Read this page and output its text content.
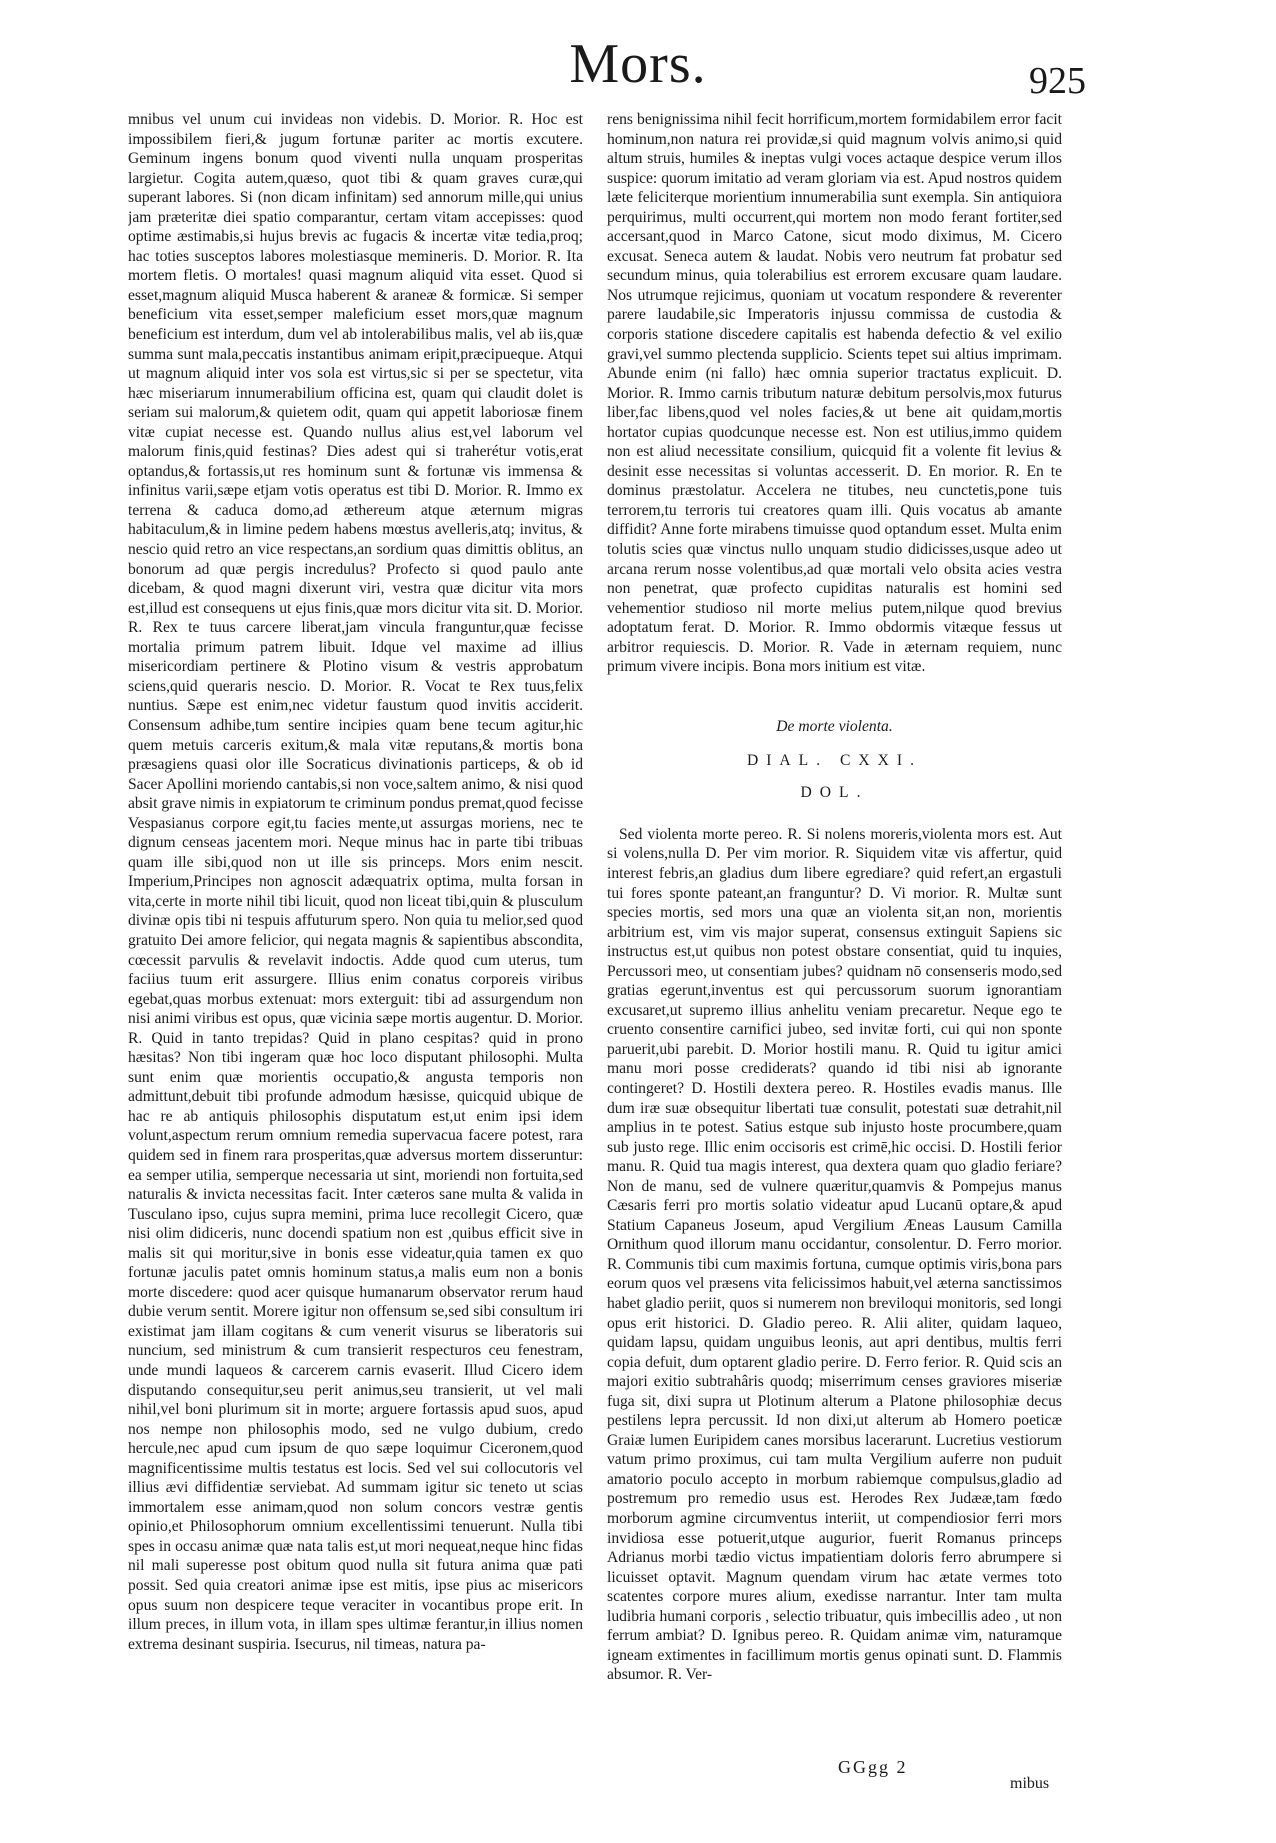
Mors.	925

mnibus vel unum cui invideas non videbis. D. Morior. R. Hoc est impossibilem fieri,& jugum fortunæ pariter ac mortis excutere. Geminum ingens bonum quod viventi nulla unquam prosperitas largietur. Cogita autem,quæso, quot tibi & quam graves curæ,qui superant labores. Si (non dicam infinitam) sed annorum mille,qui unius jam præteritæ diei spatio comparantur, certam vitam accepisses: quod optime æstimabis,si hujus brevis ac fugacis & incertæ vitæ tedia,proq; hac toties susceptos labores molestiasque memineris. D. Morior. R. Ita mortem fletis. O mortales! quasi magnum aliquid vita esset. Quod si esset,magnum aliquid Musca haberent & araneæ & formicæ. Si semper beneficium vita esset,semper maleficium esset mors,quæ magnum beneficium est interdum, dum vel ab intolerabilibus malis, vel ab iis,quæ summa sunt mala,peccatis instantibus animam eripit,præcipueque. Atqui ut magnum aliquid inter vos sola est virtus,sic si per se spectetur, vita hæc miseriarum innumerabilium officina est, quam qui claudit dolet is seriam sui malorum,& quietem odit, quam qui appetit laboriosæ finem vitæ cupiat necesse est. Quando nullus alius est,vel laborum vel malorum finis,quid festinas? Dies adest qui si traherétur votis,erat optandus,& fortassis,ut res hominum sunt & fortunæ vis immensa & infinitus varii,sæpe etjam votis operatus est tibi D. Morior. R. Immo ex terrena & caduca domo,ad æthereum atque æternum migras habitaculum,& in limine pedem habens mœstus avelleris,atq; invitus, & nescio quid retro an vice respectans,an sordium quas dimittis oblitus, an bonorum ad quæ pergis incredulus? Profecto si quod paulo ante dicebam, & quod magni dixerunt viri, vestra quæ dicitur vita mors est,illud est consequens ut ejus finis,quæ mors dicitur vita sit. D. Morior. R. Rex te tuus carcere liberat,jam vincula franguntur,quæ fecisse mortalia primum patrem libuit. Idque vel maxime ad illius misericordiam pertinere & Plotino visum & vestris approbatum sciens,quid queraris nescio. D. Morior. R. Vocat te Rex tuus,felix nuntius. Sæpe est enim,nec videtur faustum quod invitis acciderit. Consensum adhibe,tum sentire incipies quam bene tecum agitur,hic quem metuis carceris exitum,& mala vitæ reputans,& mortis bona præsagiens quasi olor ille Socraticus divinationis particeps, & ob id Sacer Apollini moriendo cantabis,si non voce,saltem animo, & nisi quod absit grave nimis in expiatorum te criminum pondus premat,quod fecisse Vespasianus corpore egit,tu facies mente,ut assurgas moriens, nec te dignum censeas jacentem mori. Neque minus hac in parte tibi tribuas quam ille sibi,quod non ut ille sis princeps. Mors enim nescit. Imperium,Principes non agnoscit adæquatrix optima, multa forsan in vita,certe in morte nihil tibi licuit, quod non liceat tibi,quin & plusculum divinæ opis tibi ni tespuis affuturum spero. Non quia tu melior,sed quod gratuito Dei amore felicior, qui negata magnis & sapientibus abscondita, cœcessit parvulis & revelavit indoctis. Adde quod cum uterus, tum faciius tuum erit assurgere. Illius enim conatus corporeis viribus egebat,quas morbus extenuat: mors exterguit: tibi ad assurgendum non nisi animi viribus est opus, quæ vicinia sæpe mortis augentur. D. Morior. R. Quid in tanto trepidas? Quid in plano cespitas? quid in prono hæsitas? Non tibi ingeram quæ hoc loco disputant philosophi. Multa sunt enim quæ morientis occupatio,& angusta temporis non admittunt,debuit tibi profunde admodum hæsisse, quicquid ubique de hac re ab antiquis philosophis disputatum est,ut enim ipsi idem volunt,aspectum rerum omnium remedia supervacua facere potest, rara quidem sed in finem rara prosperitas,quæ adversus mortem disseruntur: ea semper utilia, semperque necessaria ut sint, moriendi non fortuita,sed naturalis & invicta necessitas facit. Inter cæteros sane multa & valida in Tusculano ipso, cujus supra memini, prima luce recollegit Cicero, quæ nisi olim didiceris, nunc docendi spatium non est ,quibus efficit sive in malis sit qui moritur,sive in bonis esse videatur,quia tamen ex quo fortunæ jaculis patet omnis hominum status,a malis eum non a bonis morte discedere: quod acer quisque humanarum observator rerum haud dubie verum sentit. Morere igitur non offensum se,sed sibi consultum iri existimat jam illam cogitans & cum venerit visurus se liberatoris sui nuncium, sed ministrum & cum transierit respecturos ceu fenestram, unde mundi laqueos & carcerem carnis evaserit. Illud Cicero idem disputando consequitur,seu perit animus,seu transierit, ut vel mali nihil,vel boni plurimum sit in morte; arguere fortassis apud suos, apud nos nempe non philosophis modo, sed ne vulgo dubium, credo hercule,nec apud cum ipsum de quo sæpe loquimur Ciceronem,quod magnificentissime multis testatus est locis. Sed vel sui collocutoris vel illius ævi diffidentiæ serviebat. Ad summam igitur sic teneto ut scias immortalem esse animam,quod non solum concors vestræ gentis opinio,et Philosophorum omnium excellentissimi tenuerunt. Nulla tibi spes in occasu animæ quæ nata talis est,ut mori nequeat,neque hinc fidas nil mali superesse post obitum quod nulla sit futura anima quæ pati possit. Sed quia creatori animæ ipse est mitis, ipse pius ac misericors opus suum non despicere teque veraciter in vocantibus prope erit. In illum preces, in illum vota, in illam spes ultimæ ferantur,in illius nomen extrema desinant suspiria. Isecurus, nil timeas, natura pa-

rens benignissima nihil fecit horrificum,mortem formidabilem error facit hominum,non natura rei providæ,si quid magnum volvis animo,si quid altum struis, humiles & ineptas vulgi voces actaque despice verum illos suspice: quorum imitatio ad veram gloriam via est. Apud nostros quidem læte feliciterque morientium innumerabilia sunt exempla. Sin antiquiora perquirimus, multi occurrent,qui mortem non modo ferant fortiter,sed accersant,quod in Marco Catone, sicut modo diximus, M. Cicero excusat. Seneca autem & laudat. Nobis vero neutrum fat probatur sed secundum minus, quia tolerabilius est errorem excusare quam laudare. Nos utrumque rejicimus, quoniam ut vocatum respondere & reverenter parere laudabile,sic Imperatoris injussu commissa de custodia & corporis statione discedere capitalis est habenda defectio & vel exilio gravi,vel summo plectenda supplicio. Scients tepet sui altius imprimam. Abunde enim (ni fallo) hæc omnia superior tractatus explicuit. D. Morior. R. Immo carnis tributum naturæ debitum persolvis,mox futurus liber,fac libens,quod vel noles facies,& ut bene ait quidam,mortis hortator cupias quodcunque necesse est. Non est utilius,immo quidem non est aliud necessitate consilium, quicquid fit a volente fit levius & desinit esse necessitas si voluntas accesserit. D. En morior. R. En te dominus præstolatur. Accelera ne titubes, neu cunctetis,pone tuis terrorem,tu terroris tui creatores quam illi. Quis vocatus ab amante diffidit? Anne forte mirabens timuisse quod optandum esset. Multa enim tolutis scies quæ vinctus nullo unquam studio didicisses,usque adeo ut arcana rerum nosse volentibus,ad quæ mortali velo obsita acies vestra non penetrat, quæ profecto cupiditas naturalis est homini sed vehementior studioso nil morte melius putem,nilque quod brevius adoptatum ferat. D. Morior. R. Immo obdormis vitæque fessus ut arbitror requiescis. D. Morior. R. Vade in æternam requiem, nunc primum vivere incipis. Bona mors initium est vitæ.

De morte violenta.
DIAL. CXXI.
DOL.

Sed violenta morte pereo. R. Si nolens moreris,violenta mors est. Aut si volens,nulla D. Per vim morior. R. Siquidem vitæ vis affertur, quid interest febris,an gladius dum libere egrediare? quid refert,an ergastuli tui fores sponte pateant,an franguntur? D. Vi morior. R. Multæ sunt species mortis, sed mors una quæ an violenta sit,an non, morientis arbitrium est, vim vis major superat, consensus extinguit Sapiens sic instructus est,ut quibus non potest obstare consentiat, quid tu inquies, Percussori meo, ut consentiam jubes? quidnam nō consenseris modo,sed gratias egerunt,inventus est qui percussorum suorum ignorantiam excusaret,ut supremo illius anhelitu veniam precaretur. Neque ego te cruento consentire carnifici jubeo, sed invitæ forti, cui qui non sponte paruerit,ubi parebit. D. Morior hostili manu. R. Quid tu igitur amici manu mori posse crediderats? quando id tibi nisi ab ignorante contingeret? D. Hostili dextera pereo. R. Hostiles evadis manus. Ille dum iræ suæ obsequitur libertati tuæ consulit, potestati suæ detrahit,nil amplius in te potest. Satius estque sub injusto hoste procumbere,quam sub justo rege. Illic enim occisoris est crimē,hic occisi. D. Hostili ferior manu. R. Quid tua magis interest, qua dextera quam quo gladio feriare? Non de manu, sed de vulnere quæritur,quamvis & Pompejus manus Cæsaris ferri pro mortis solatio videatur apud Lucanū optare,& apud Statium Capaneus Joseum, apud Vergilium Æneas Lausum Camilla Ornithum quod illorum manu occidantur, consolentur. D. Ferro morior. R. Communis tibi cum maximis fortuna, cumque optimis viris,bona pars eorum quos vel præsens vita felicissimos habuit,vel æterna sanctissimos habet gladio periit, quos si numerem non breviloqui monitoris, sed longi opus erit historici. D. Gladio pereo. R. Alii aliter, quidam laqueo, quidam lapsu, quidam unguibus leonis, aut apri dentibus, multis ferri copia defuit, dum optarent gladio perire. D. Ferro ferior. R. Quid scis an majori exitio subtrahâris quodq; miserrimum censes graviores miseriæ fuga sit, dixi supra ut Plotinum alterum a Platone philosophiæ decus pestilens lepra percussit. Id non dixi,ut alterum ab Homero poeticæ Graiæ lumen Euripidem canes morsibus lacerarunt. Lucretius vestiorum vatum primo proximus, cui tam multa Vergilium auferre non puduit amatorio poculo accepto in morbum rabiemque compulsus,gladio ad postremum pro remedio usus est. Herodes Rex Judææ,tam fœdo morborum agmine circumventus interiit, ut compendiosior ferri mors invidiosa esse potuerit,utque augurior, fuerit Romanus princeps Adrianus morbi tædio victus impatientiam doloris ferro abrumpere si licuisset optavit. Magnum quendam virum hac ætate vermes toto scatentes corpore mures alium, exedisse narrantur. Inter tam multa ludibria humani corporis , selectio tribuatur, quis imbecillis adeo , ut non ferrum ambiat? D. Ignibus pereo. R. Quidam animæ vim, naturamque igneam extimentes in facillimum mortis genus opinati sunt. D. Flammis absumor. R. Ver-

GGgg 2
mibus
